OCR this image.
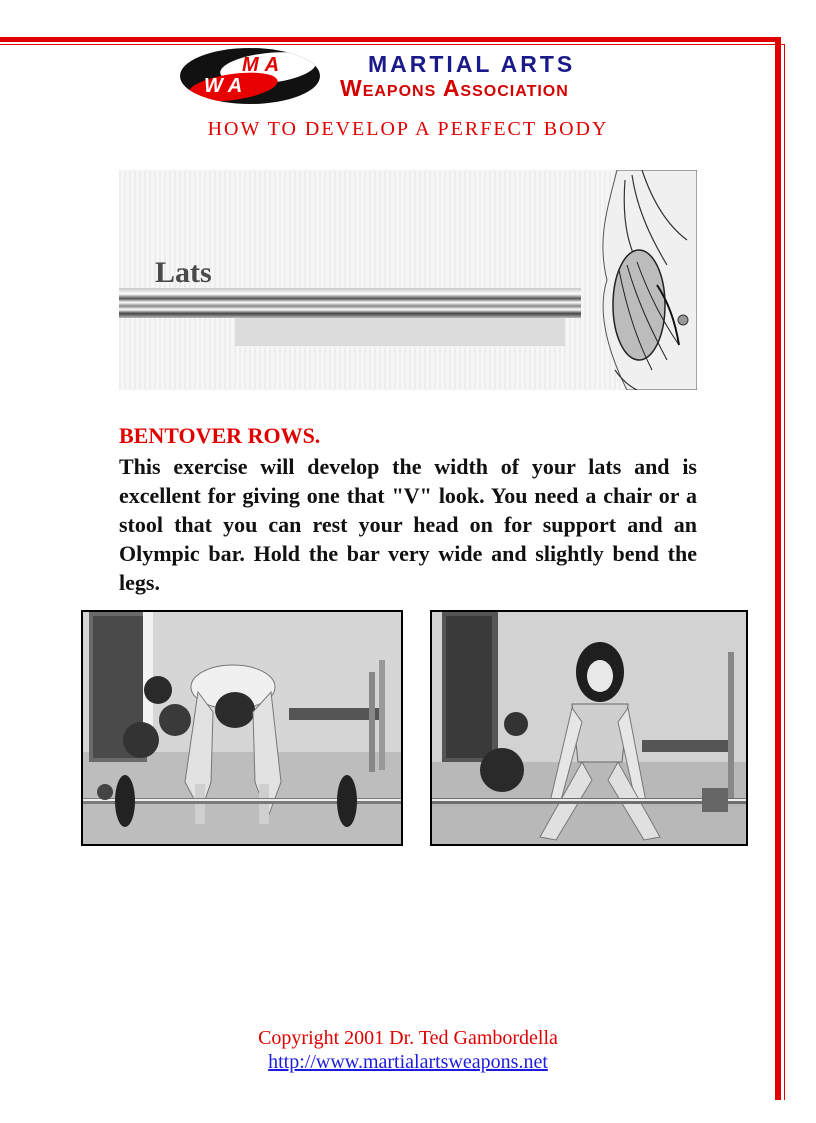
MA
WA
MARTIAL ARTS
Weapons Association
HOW TO DEVELOP A PERFECT BODY
Lats
BENTOVER ROWS.

This exercise will develop the width of your lats and is excellent for giving one that "V" look. You need a chair or a stool that you can rest your head on for support and an Olympic bar. Hold the bar very wide and slightly bend the legs.

Copyright 2001 Dr. Ted Gambordella
http://www.martialartsweapons.net
